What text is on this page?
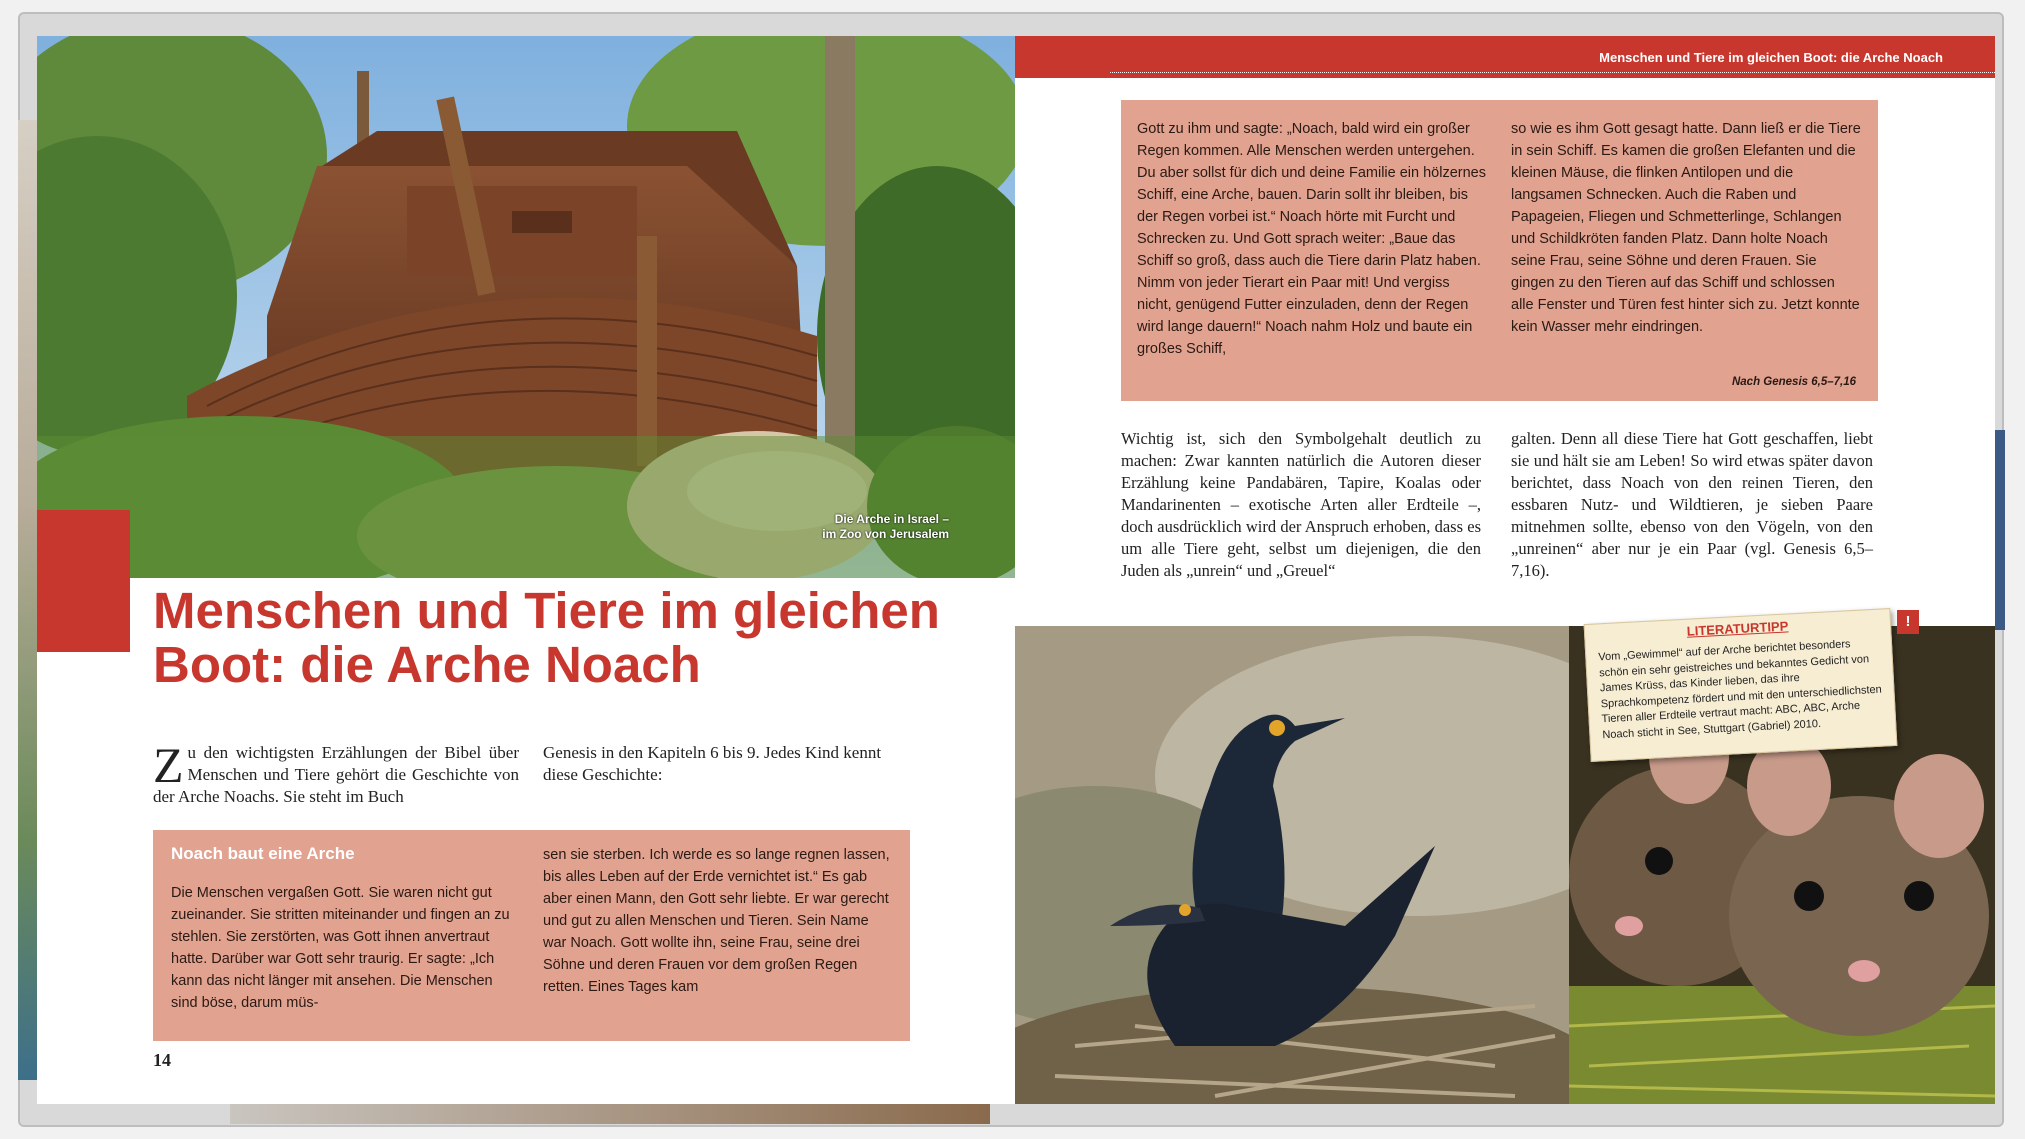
Die Arche in Israel –
im Zoo von Jerusalem
Menschen und Tiere im gleichen
Boot: die Arche Noach
Zu den wichtigsten Erzählungen der Bibel über Menschen und Tiere gehört die Geschichte von der Arche Noachs. Sie steht im Buch
Genesis in den Kapiteln 6 bis 9. Jedes Kind kennt diese Geschichte:
Noach baut eine Arche
Die Menschen vergaßen Gott. Sie waren nicht gut zueinander. Sie stritten miteinander und fingen an zu stehlen. Sie zerstörten, was Gott ihnen anvertraut hatte. Darüber war Gott sehr traurig. Er sagte: „Ich kann das nicht länger mit ansehen. Die Menschen sind böse, darum müs-
sen sie sterben. Ich werde es so lange regnen lassen, bis alles Leben auf der Erde vernichtet ist.“ Es gab aber einen Mann, den Gott sehr liebte. Er war gerecht und gut zu allen Menschen und Tieren. Sein Name war Noach. Gott wollte ihn, seine Frau, seine drei Söhne und deren Frauen vor dem großen Regen retten. Eines Tages kam
14
Menschen und Tiere im gleichen Boot: die Arche Noach
Gott zu ihm und sagte: „Noach, bald wird ein großer Regen kommen. Alle Menschen werden untergehen. Du aber sollst für dich und deine Familie ein hölzernes Schiff, eine Arche, bauen. Darin sollt ihr bleiben, bis der Regen vorbei ist.“ Noach hörte mit Furcht und Schrecken zu. Und Gott sprach weiter: „Baue das Schiff so groß, dass auch die Tiere darin Platz haben. Nimm von jeder Tierart ein Paar mit! Und vergiss nicht, genügend Futter einzuladen, denn der Regen wird lange dauern!“ Noach nahm Holz und baute ein großes Schiff,
so wie es ihm Gott gesagt hatte. Dann ließ er die Tiere in sein Schiff. Es kamen die großen Elefanten und die kleinen Mäuse, die flinken Antilopen und die langsamen Schnecken. Auch die Raben und Papageien, Fliegen und Schmetterlinge, Schlangen und Schildkröten fanden Platz. Dann holte Noach seine Frau, seine Söhne und deren Frauen. Sie gingen zu den Tieren auf das Schiff und schlossen alle Fenster und Türen fest hinter sich zu. Jetzt konnte kein Wasser mehr eindringen.
Nach Genesis 6,5–7,16
Wichtig ist, sich den Symbolgehalt deutlich zu machen: Zwar kannten natürlich die Autoren dieser Erzählung keine Pandabären, Tapire, Koalas oder Mandarinenten – exotische Arten aller Erdteile –, doch ausdrücklich wird der Anspruch erhoben, dass es um alle Tiere geht, selbst um diejenigen, die den Juden als „unrein“ und „Greuel“
galten. Denn all diese Tiere hat Gott geschaffen, liebt sie und hält sie am Leben! So wird etwas später davon berichtet, dass Noach von den reinen Tieren, den essbaren Nutz- und Wildtieren, je sieben Paare mitnehmen sollte, ebenso von den Vögeln, von den „unreinen“ aber nur je ein Paar (vgl. Genesis 6,5–7,16).
LITERATURTIPP
Vom „Gewimmel“ auf der Arche berichtet besonders schön ein sehr geistreiches und bekanntes Gedicht von James Krüss, das Kinder lieben, das ihre Sprachkompetenz fördert und mit den unterschiedlichsten Tieren aller Erdteile vertraut macht: ABC, ABC, Arche Noach sticht in See, Stuttgart (Gabriel) 2010.
!
